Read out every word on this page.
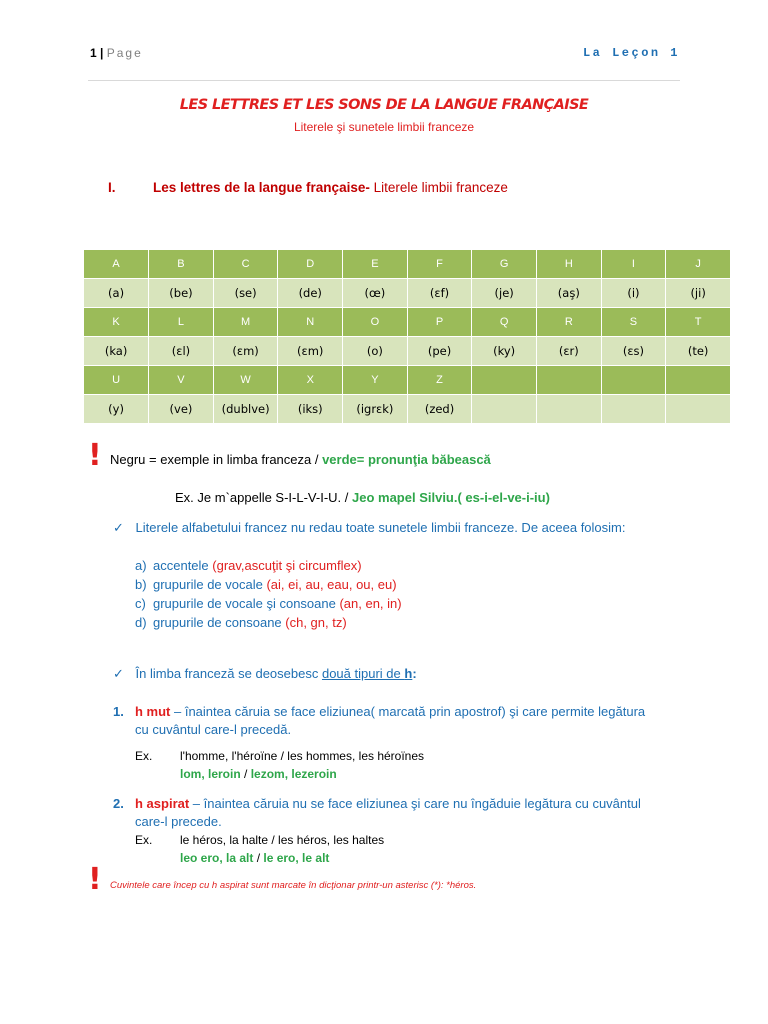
1 | Page	La Leçon 1
LES LETTRES ET LES SONS DE LA LANGUE FRANÇAISE
Literele şi sunetele limbii franceze
I.	Les lettres de la langue française- Literele limbii franceze
A	B	C	D	E	F	G	H	I	J
(a)	(be)	(se)	(de)	(œ)	(ɛf)	(je)	(aş)	(i)	(ji)
K	L	M	N	O	P	Q	R	S	T
(ka)	(ɛl)	(ɛm)	(ɛm)	(o)	(pe)	(ky)	(ɛr)	(ɛs)	(te)
U	V	W	X	Y	Z				
(y)	(ve)	(dublve)	(iks)	(igrɛk)	(zed)				
! Negru = exemple in limba franceza / verde= pronunţia băbească
Ex. Je m`appelle S-I-L-V-I-U. / Jeo mapel Silviu.( es-i-el-ve-i-iu)
✓ Literele alfabetului francez nu redau toate sunetele limbii franceze. De aceea folosim:
a) accentele (grav,ascuţit şi circumflex)
b) grupurile de vocale (ai, ei, au, eau, ou, eu)
c) grupurile de vocale şi consoane (an, en, in)
d) grupurile de consoane (ch, gn, tz)
✓ În limba franceză se deosebesc două tipuri de h:
1. h mut – înaintea căruia se face eliziunea( marcată prin apostrof) şi care permite legătura
cu cuvântul care-l precedă.
Ex. l'homme, l'héroïne / les hommes, les héroïnes
lom, leroin / lezom, lezeroin
2. h aspirat – înaintea căruia nu se face eliziunea şi care nu îngăduie legătura cu cuvântul
care-l precede.
Ex. le héros, la halte / les héros, les haltes
leo ero, la alt / le ero, le alt
! Cuvintele care încep cu h aspirat sunt marcate în dicţionar printr-un asterisc (*): *héros.
